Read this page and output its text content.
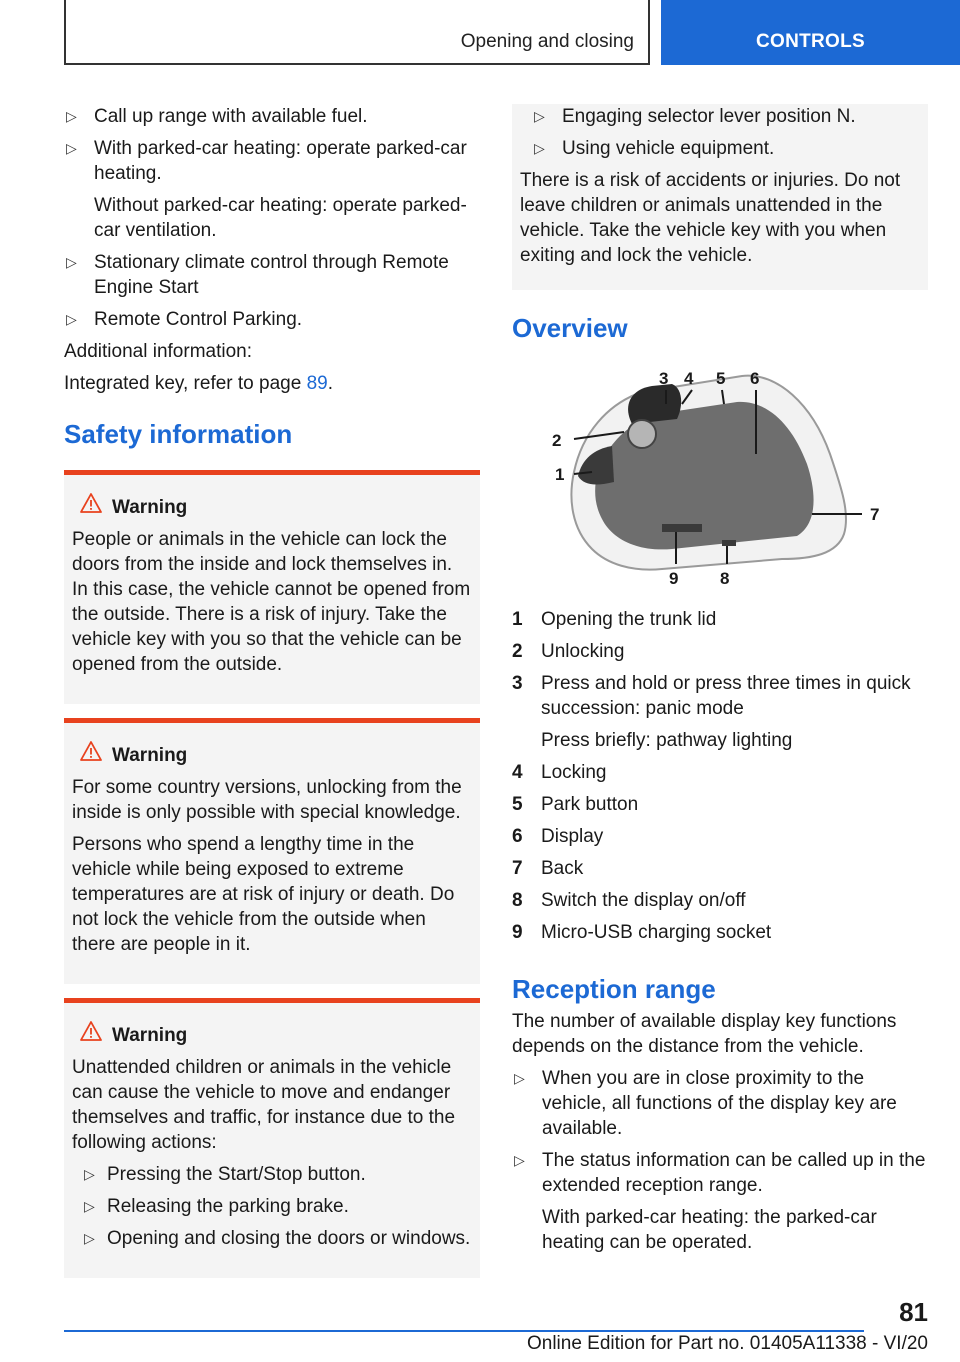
Opening and closing	CONTROLS
▷ Call up range with available fuel.
▷ With parked-car heating: operate parked-car heating.
Without parked-car heating: operate parked-car ventilation.
▷ Stationary climate control through Remote Engine Start
▷ Remote Control Parking.

Additional information:

Integrated key, refer to page 89.

Safety information
Warning

People or animals in the vehicle can lock the doors from the inside and lock themselves in. In this case, the vehicle cannot be opened from the outside. There is a risk of injury. Take the vehicle key with you so that the vehicle can be opened from the outside.

Warning

For some country versions, unlocking from the inside is only possible with special knowledge.

Persons who spend a lengthy time in the vehicle while being exposed to extreme temperatures are at risk of injury or death. Do not lock the vehicle from the outside when there are people in it.

Warning

Unattended children or animals in the vehicle can cause the vehicle to move and endanger themselves and traffic, for instance due to the following actions:

▷ Pressing the Start/Stop button.
▷ Releasing the parking brake.
▷ Opening and closing the doors or windows.
▷ Engaging selector lever position N.
▷ Using vehicle equipment.

There is a risk of accidents or injuries. Do not leave children or animals unattended in the vehicle. Take the vehicle key with you when exiting and lock the vehicle.

Overview
3 4 5 6
2
1
7
9 8
1 Opening the trunk lid
2 Unlocking
3 Press and hold or press three times in quick succession: panic mode
Press briefly: pathway lighting
4 Locking
5 Park button
6 Display
7 Back
8 Switch the display on/off
9 Micro-USB charging socket
Reception range

The number of available display key functions depends on the distance from the vehicle.

▷ When you are in close proximity to the vehicle, all functions of the display key are available.
▷ The status information can be called up in the extended reception range.
With parked-car heating: the parked-car heating can be operated.
81
Online Edition for Part no. 01405A11338 - VI/20
